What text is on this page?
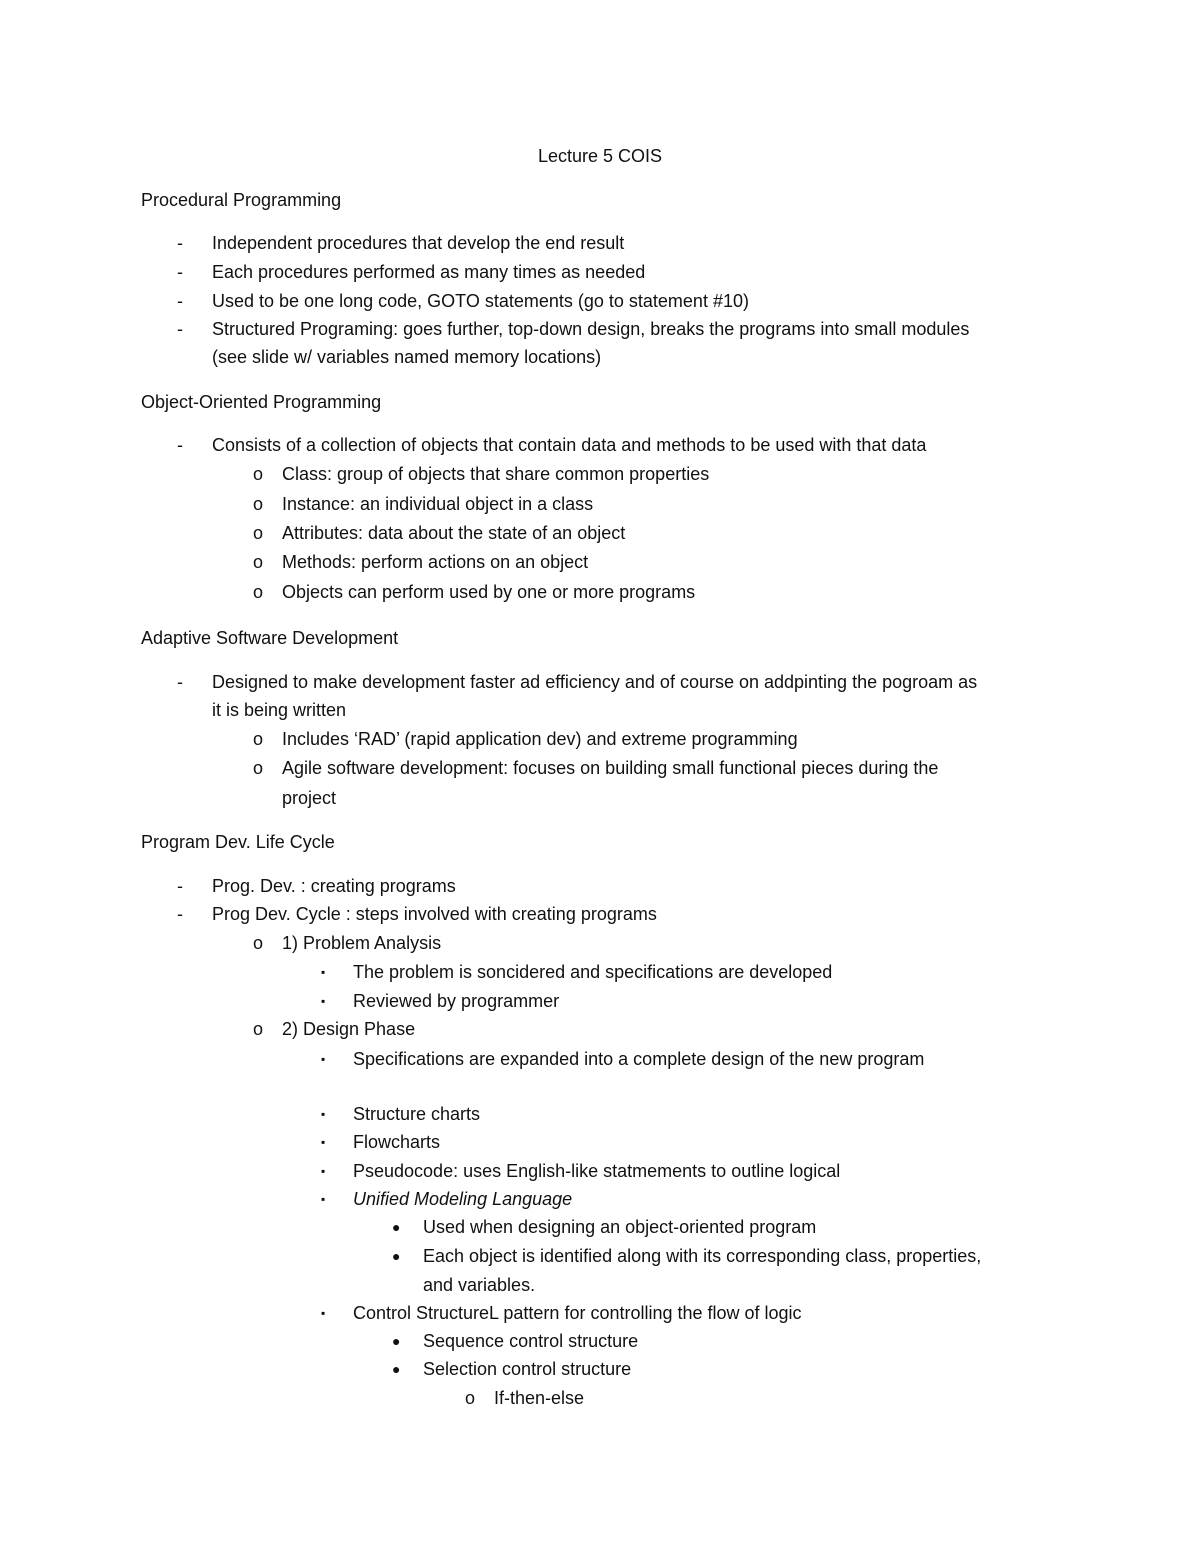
Lecture 5 COIS
Procedural Programming
- Independent procedures that develop the end result
- Each procedures performed as many times as needed
- Used to be one long code, GOTO statements (go to statement #10)
- Structured Programing: goes further, top-down design, breaks the programs into small modules
(see slide w/ variables named memory locations)
Object-Oriented Programming
- Consists of a collection of objects that contain data and methods to be used with that data
o Class: group of objects that share common properties
o Instance: an individual object in a class
o Attributes: data about the state of an object
o Methods: perform actions on an object
o Objects can perform used by one or more programs
Adaptive Software Development
- Designed to make development faster ad efficiency and of course on addpinting the pogroam as
it is being written
o Includes ‘RAD’ (rapid application dev) and extreme programming
o Agile software development: focuses on building small functional pieces during the
project
Program Dev. Life Cycle
- Prog. Dev. : creating programs
- Prog Dev. Cycle : steps involved with creating programs
o 1) Problem Analysis
▪ The problem is soncidered and specifications are developed
▪ Reviewed by programmer
o 2) Design Phase
▪ Specifications are expanded into a complete design of the new program
▪ Structure charts
▪ Flowcharts
▪ Pseudocode: uses English-like statmements to outline logical
▪ Unified Modeling Language
● Used when designing an object-oriented program
● Each object is identified along with its corresponding class, properties,
and variables.
▪ Control StructureL pattern for controlling the flow of logic
● Sequence control structure
● Selection control structure
o If-then-else
